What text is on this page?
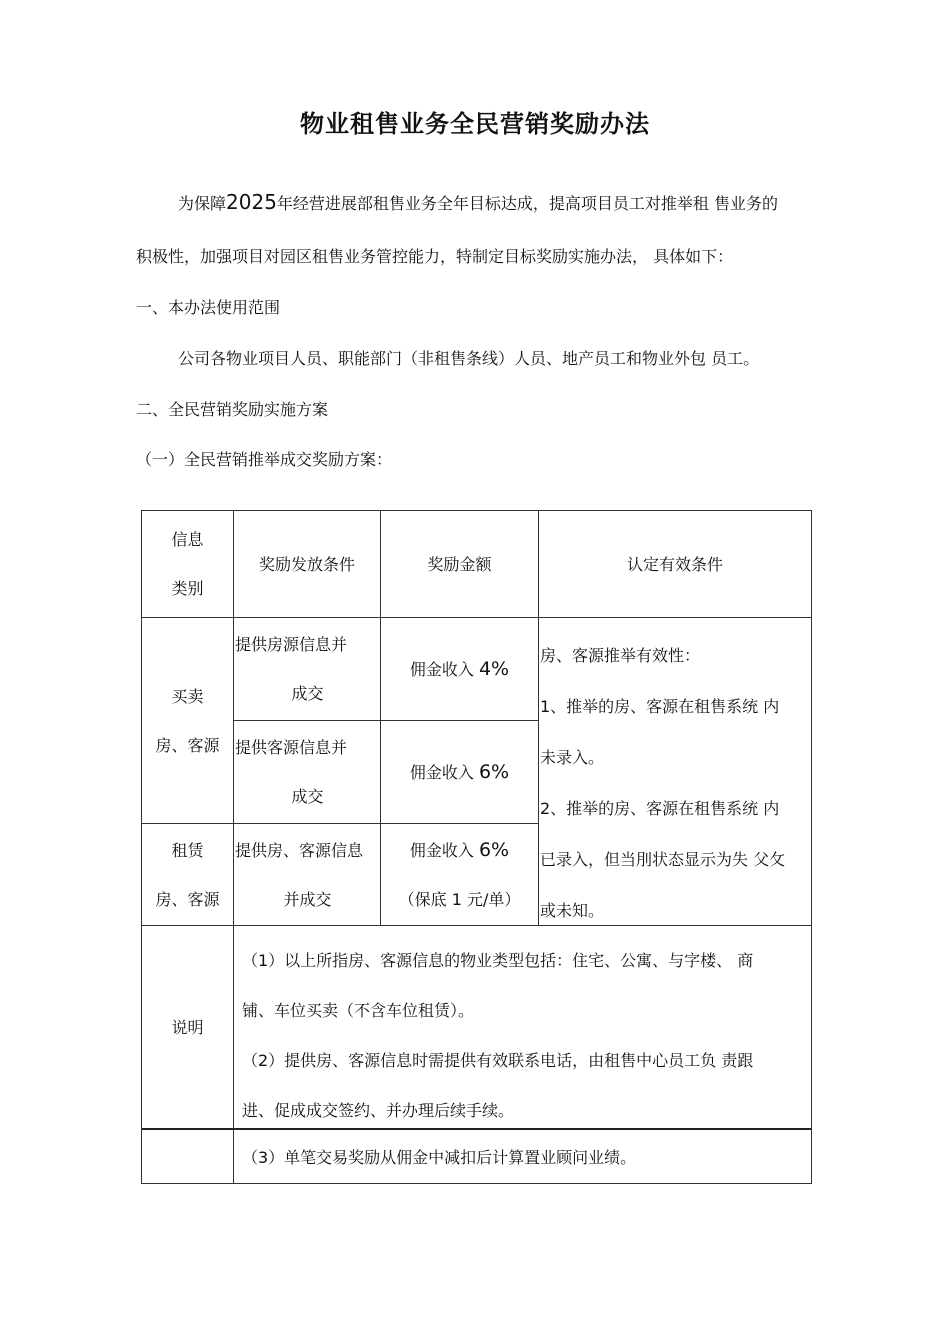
物业租售业务全民营销奖励办法
为保障2025年经营进展部租售业务全年目标达成，提高项目员工对推举租 售业务的
积极性，加强项目对园区租售业务管控能力，特制定目标奖励实施办法， 具体如下：
一、本办法使用范围
公司各物业项目人员、职能部门（非租售条线）人员、地产员工和物业外包 员工。
二、全民营销奖励实施方案
（一）全民营销推举成交奖励方案：
信息
类别
奖励发放条件	奖励金额	认定有效条件
买卖
房、客源
提供房源信息并
成交
佣金收入 4%
提供客源信息并
成交
佣金收入 6%
房、客源推举有效性：
1、推举的房、客源在租售系统 内
未录入。
2、推举的房、客源在租售系统 内
已录入，但当刖状态显示为失 父攵
或未知。
租赁
房、客源
提供房、客源信息
并成交
佣金收入 6%
（保底 1 元/单）
说明
（1）以上所指房、客源信息的物业类型包括：住宅、公寓、与字楼、 商
铺、车位买卖（不含车位租赁）。
（2）提供房、客源信息时需提供有效联系电话，由租售中心员工负 责跟
进、促成成交签约、并办理后续手续。
（3）单笔交易奖励从佣金中减扣后计算置业顾问业绩。
